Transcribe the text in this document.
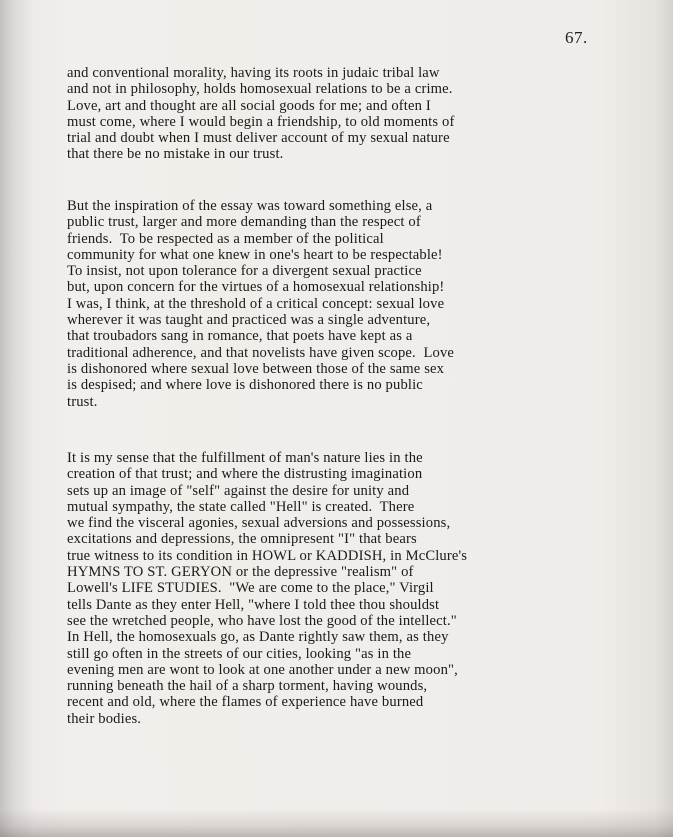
67.
and conventional morality, having its roots in judaic tribal law
and not in philosophy, holds homosexual relations to be a crime.
Love, art and thought are all social goods for me; and often I
must come, where I would begin a friendship, to old moments of
trial and doubt when I must deliver account of my sexual nature
that there be no mistake in our trust.
But the inspiration of the essay was toward something else, a
public trust, larger and more demanding than the respect of
friends.  To be respected as a member of the political
community for what one knew in one's heart to be respectable!
To insist, not upon tolerance for a divergent sexual practice
but, upon concern for the virtues of a homosexual relationship!
I was, I think, at the threshold of a critical concept: sexual love
wherever it was taught and practiced was a single adventure,
that troubadors sang in romance, that poets have kept as a
traditional adherence, and that novelists have given scope.  Love
is dishonored where sexual love between those of the same sex
is despised; and where love is dishonored there is no public
trust.
It is my sense that the fulfillment of man's nature lies in the
creation of that trust; and where the distrusting imagination
sets up an image of "self" against the desire for unity and
mutual sympathy, the state called "Hell" is created.  There
we find the visceral agonies, sexual adversions and possessions,
excitations and depressions, the omnipresent "I" that bears
true witness to its condition in HOWL or KADDISH, in McClure's
HYMNS TO ST. GERYON or the depressive "realism" of
Lowell's LIFE STUDIES.  "We are come to the place," Virgil
tells Dante as they enter Hell, "where I told thee thou shouldst
see the wretched people, who have lost the good of the intellect."
In Hell, the homosexuals go, as Dante rightly saw them, as they
still go often in the streets of our cities, looking "as in the
evening men are wont to look at one another under a new moon",
running beneath the hail of a sharp torment, having wounds,
recent and old, where the flames of experience have burned
their bodies.
